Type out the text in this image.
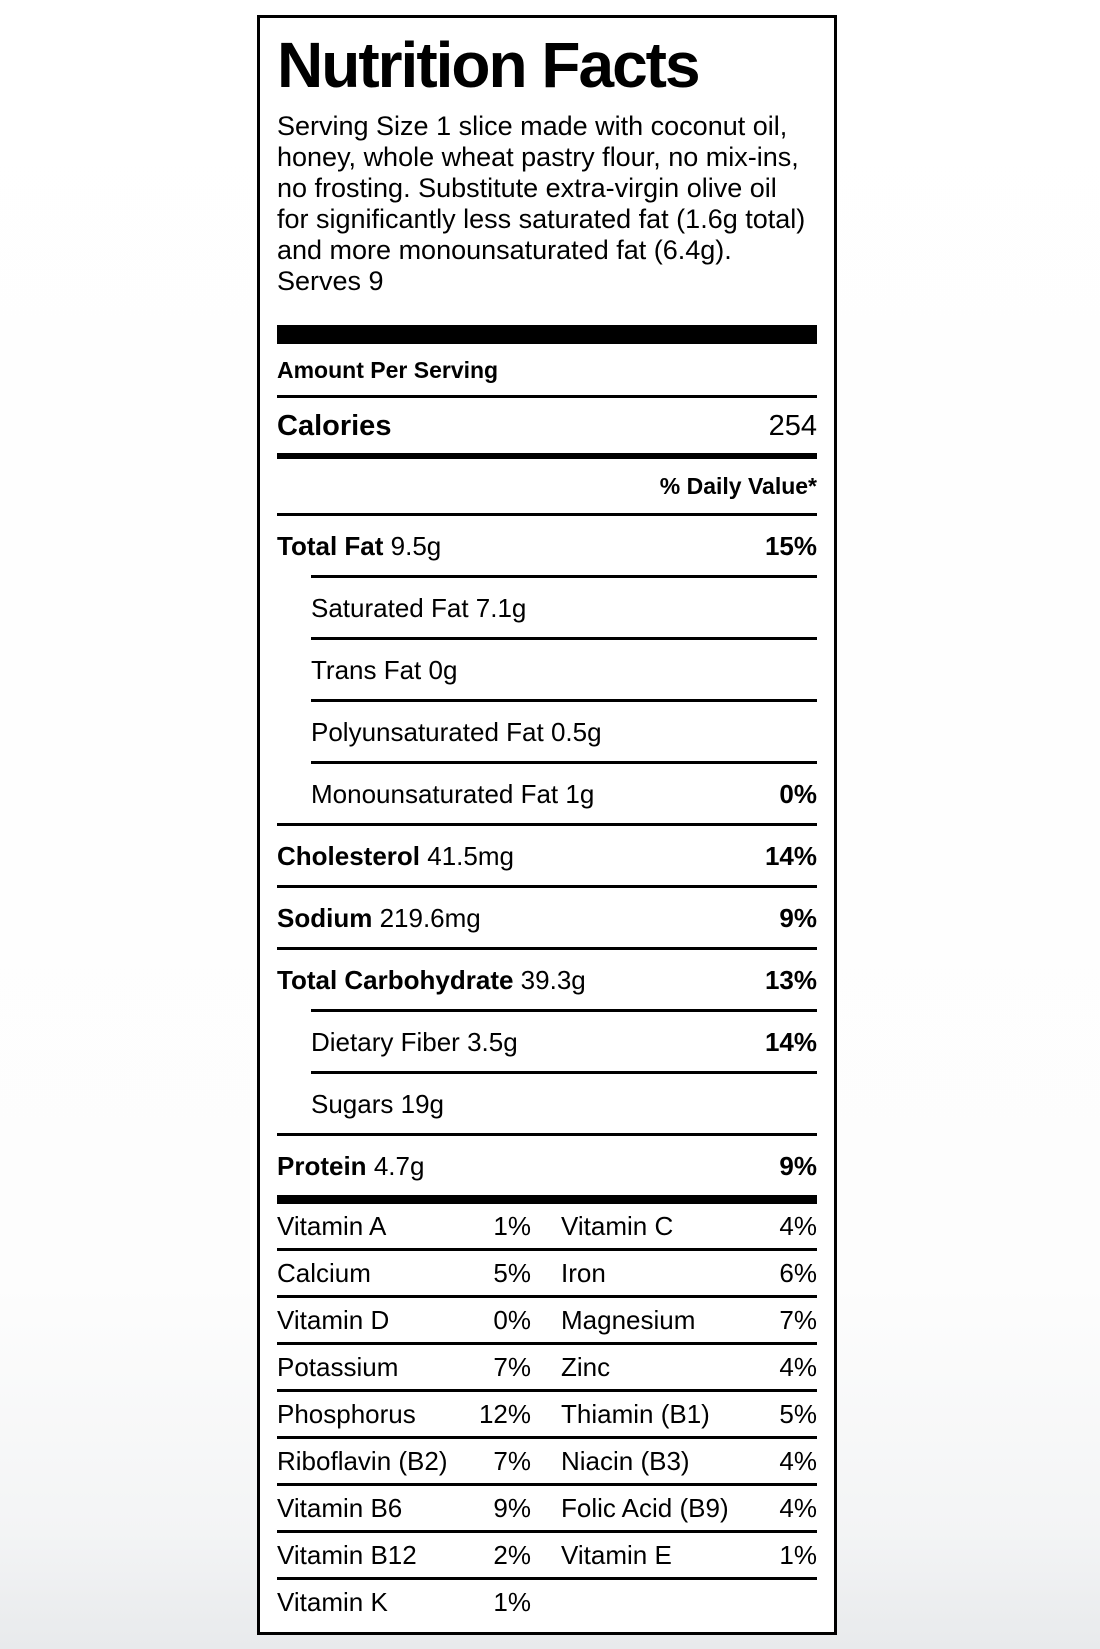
Nutrition Facts
Serving Size 1 slice made with coconut oil,
honey, whole wheat pastry flour, no mix-ins,
no frosting. Substitute extra-virgin olive oil
for significantly less saturated fat (1.6g total)
and more monounsaturated fat (6.4g).
Serves 9
Amount Per Serving
Calories	254
% Daily Value*
Total Fat 9.5g	15%
Saturated Fat 7.1g
Trans Fat 0g
Polyunsaturated Fat 0.5g
Monounsaturated Fat 1g	0%
Cholesterol 41.5mg	14%
Sodium 219.6mg	9%
Total Carbohydrate 39.3g	13%
Dietary Fiber 3.5g	14%
Sugars 19g
Protein 4.7g	9%
Vitamin A	1% Vitamin C	4%
Calcium	5% Iron	6%
Vitamin D	0% Magnesium	7%
Potassium	7% Zinc	4%
Phosphorus 12% Thiamin (B1)	5%
Riboflavin (B2) 7% Niacin (B3)	4%
Vitamin B6	9% Folic Acid (B9) 4%
Vitamin B12	2% Vitamin E	1%
Vitamin K	1%
